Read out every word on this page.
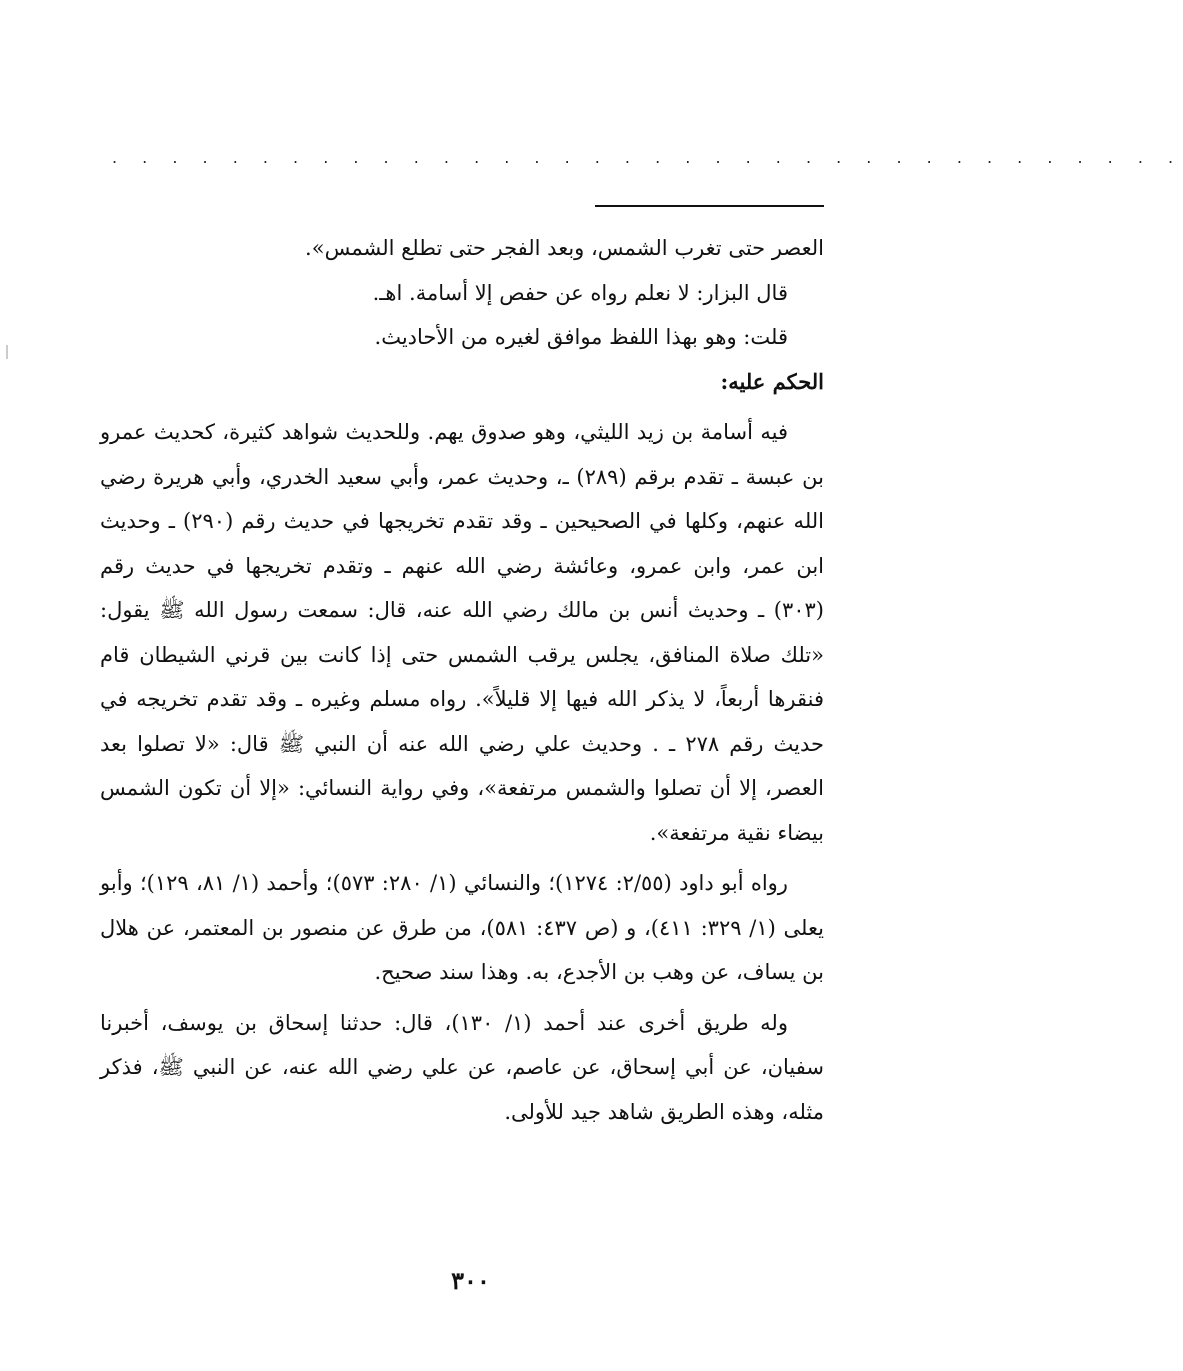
. . . . . . . . . . . . . . . . . . . . . . . . . . . . . . . . . . . .

العصر حتى تغرب الشمس، وبعد الفجر حتى تطلع الشمس».

قال البزار: لا نعلم رواه عن حفص إلا أسامة. اهـ.

قلت: وهو بهذا اللفظ موافق لغيره من الأحاديث.

الحكم عليه:

فيه أسامة بن زيد الليثي، وهو صدوق يهم. وللحديث شواهد كثيرة، كحديث عمرو بن عبسة ـ تقدم برقم (٢٨٩) ـ، وحديث عمر، وأبي سعيد الخدري، وأبي هريرة رضي الله عنهم، وكلها في الصحيحين ـ وقد تقدم تخريجها في حديث رقم (٢٩٠) ـ وحديث ابن عمر، وابن عمرو، وعائشة رضي الله عنهم ـ وتقدم تخريجها في حديث رقم (٣٠٣) ـ وحديث أنس بن مالك رضي الله عنه، قال: سمعت رسول الله ﷺ يقول: «تلك صلاة المنافق، يجلس يرقب الشمس حتى إذا كانت بين قرني الشيطان قام فنقرها أربعاً، لا يذكر الله فيها إلا قليلاً». رواه مسلم وغيره ـ وقد تقدم تخريجه في حديث رقم ٢٧٨ ـ . وحديث علي رضي الله عنه أن النبي ﷺ قال: «لا تصلوا بعد العصر، إلا أن تصلوا والشمس مرتفعة»، وفي رواية النسائي: «إلا أن تكون الشمس بيضاء نقية مرتفعة».

رواه أبو داود (٢/٥٥: ١٢٧٤)؛ والنسائي (١/ ٢٨٠: ٥٧٣)؛ وأحمد (١/ ٨١، ١٢٩)؛ وأبو يعلى (١/ ٣٢٩: ٤١١)، و (ص ٤٣٧: ٥٨١)، من طرق عن منصور بن المعتمر، عن هلال بن يساف، عن وهب بن الأجدع، به. وهذا سند صحيح.

وله طريق أخرى عند أحمد (١/ ١٣٠)، قال: حدثنا إسحاق بن يوسف، أخبرنا سفيان، عن أبي إسحاق، عن عاصم، عن علي رضي الله عنه، عن النبي ﷺ، فذكر مثله، وهذه الطريق شاهد جيد للأولى.

٣٠٠
